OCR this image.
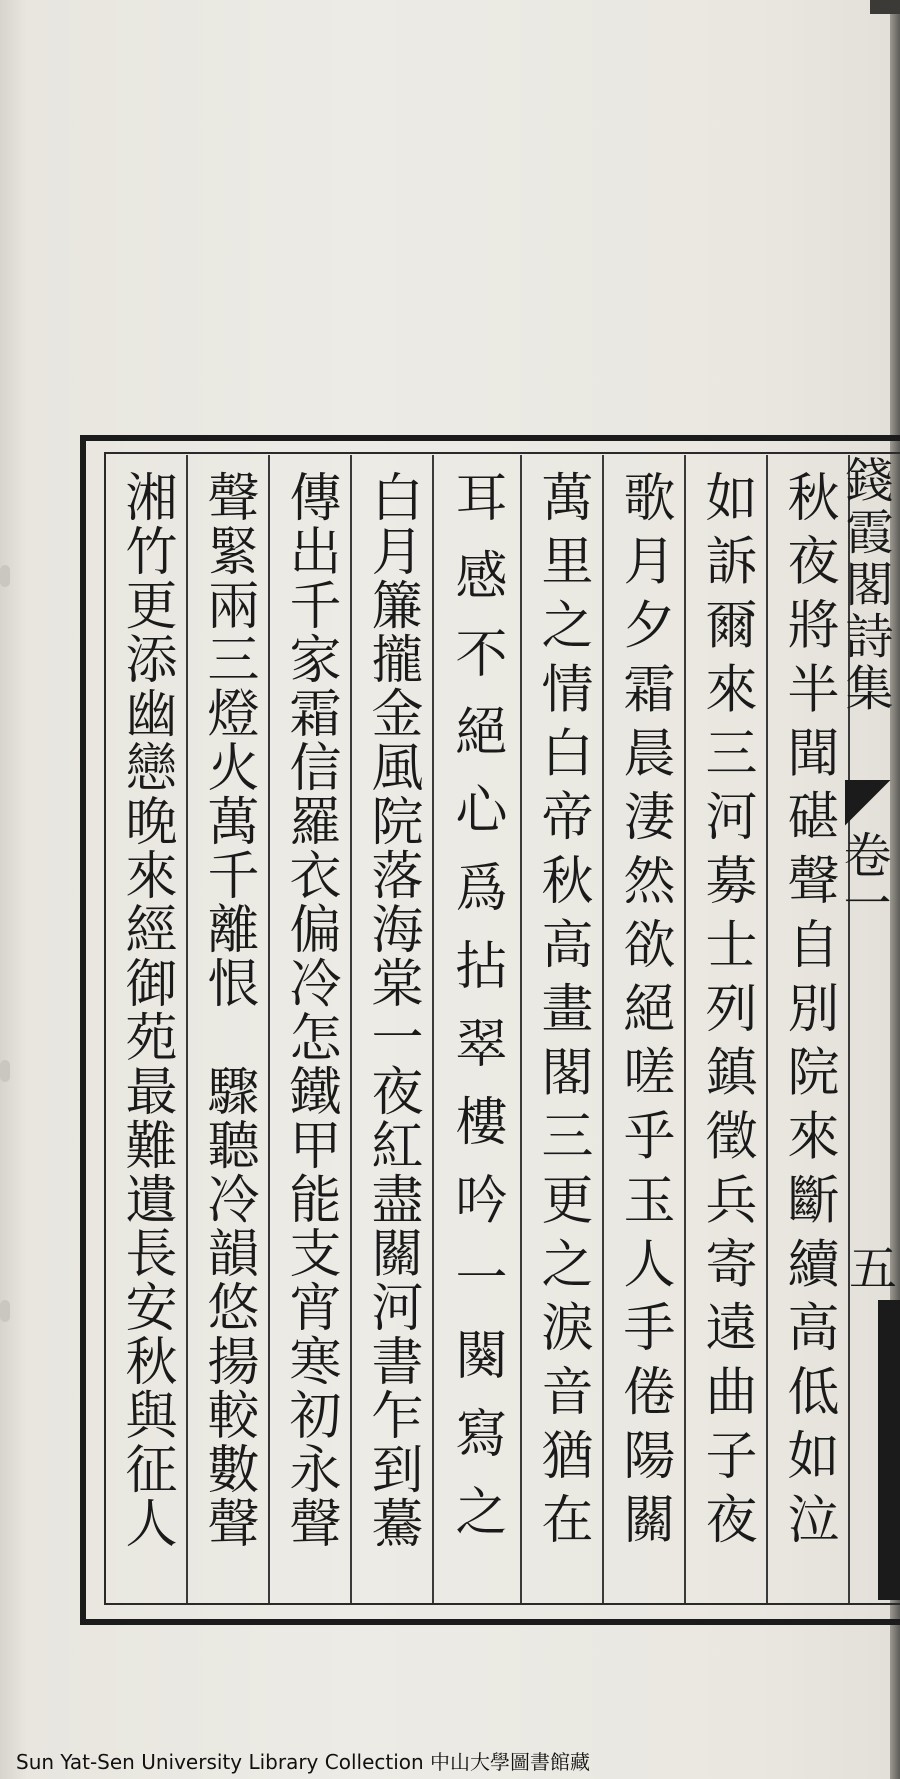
秋夜將半聞碪聲自別院來斷續高低如泣
如訴爾來三河募士列鎮徵兵寄遠曲子夜
歌月夕霜晨淒然欲絕嗟乎玉人手倦陽關
萬里之情白帝秋高畫閣三更之淚音猶在
耳感不絕心爲拈翠樓吟一闋寫之
白月簾攏金風院落海棠一夜紅盡關河書乍到驀
傳出千家霜信羅衣偏冷怎鐵甲能支宵寒初永聲
聲緊兩三燈火萬千離恨　驟聽冷韻悠揚較數聲
湘竹更添幽戀晚來經御苑最難遺長安秋與征人	錢霞閣詩集
卷一
五
Sun Yat-Sen University Library Collection 中山大學圖書館藏
